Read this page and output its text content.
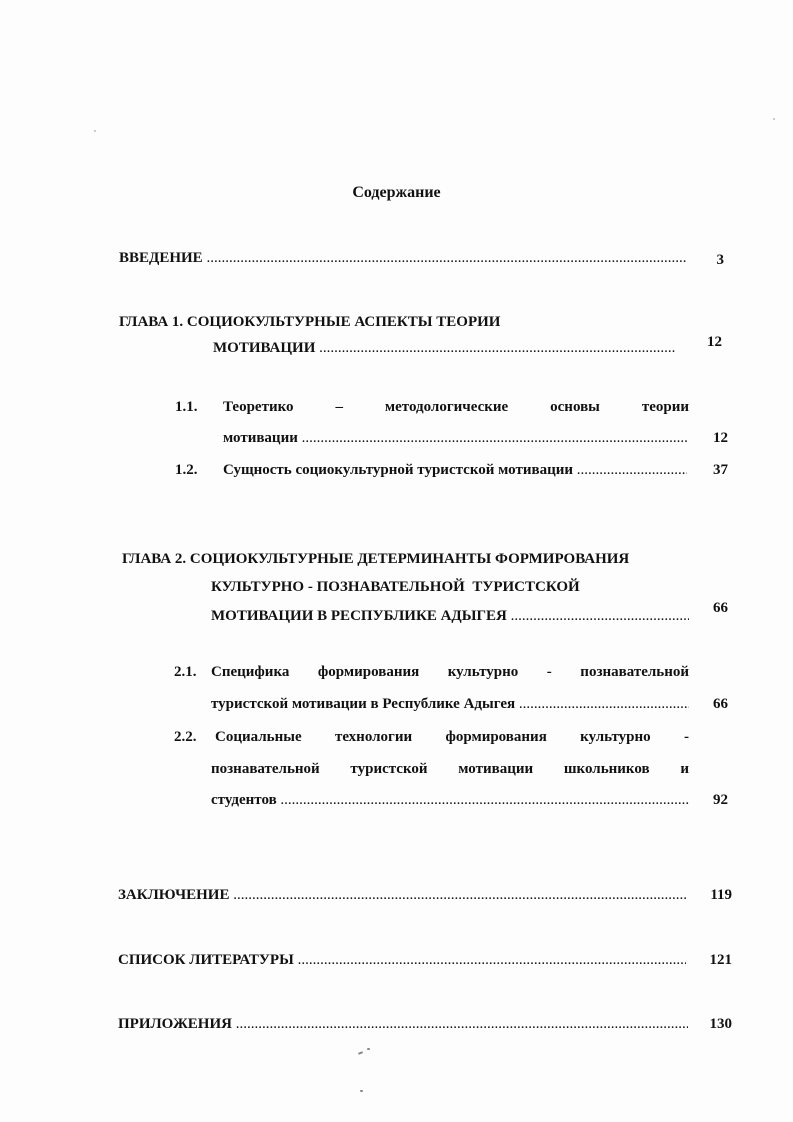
Содержание
ВВЕДЕНИЕ .....	3
ГЛАВА 1. СОЦИОКУЛЬТУРНЫЕ АСПЕКТЫ ТЕОРИИ
МОТИВАЦИИ .....	12
1.1. Теоретико	–	методологические	основы	теории
мотивации .....	12
1.2. Сущность социокультурной туристской мотивации .....	37
ГЛАВА 2. СОЦИОКУЛЬТУРНЫЕ ДЕТЕРМИНАНТЫ ФОРМИРОВАНИЯ
КУЛЬТУРНО - ПОЗНАВАТЕЛЬНОЙ  ТУРИСТСКОЙ
МОТИВАЦИИ В РЕСПУБЛИКЕ АДЫГЕЯ .....	66
2.1. Специфика формирования культурно - познавательной
туристской мотивации в Республике Адыгея .....	66
2.2. Социальные технологии формирования культурно -
познавательной туристской мотивации школьников и
студентов .....	92
ЗАКЛЮЧЕНИЕ .....	119
СПИСОК ЛИТЕРАТУРЫ .....	121
ПРИЛОЖЕНИЯ .....	130
